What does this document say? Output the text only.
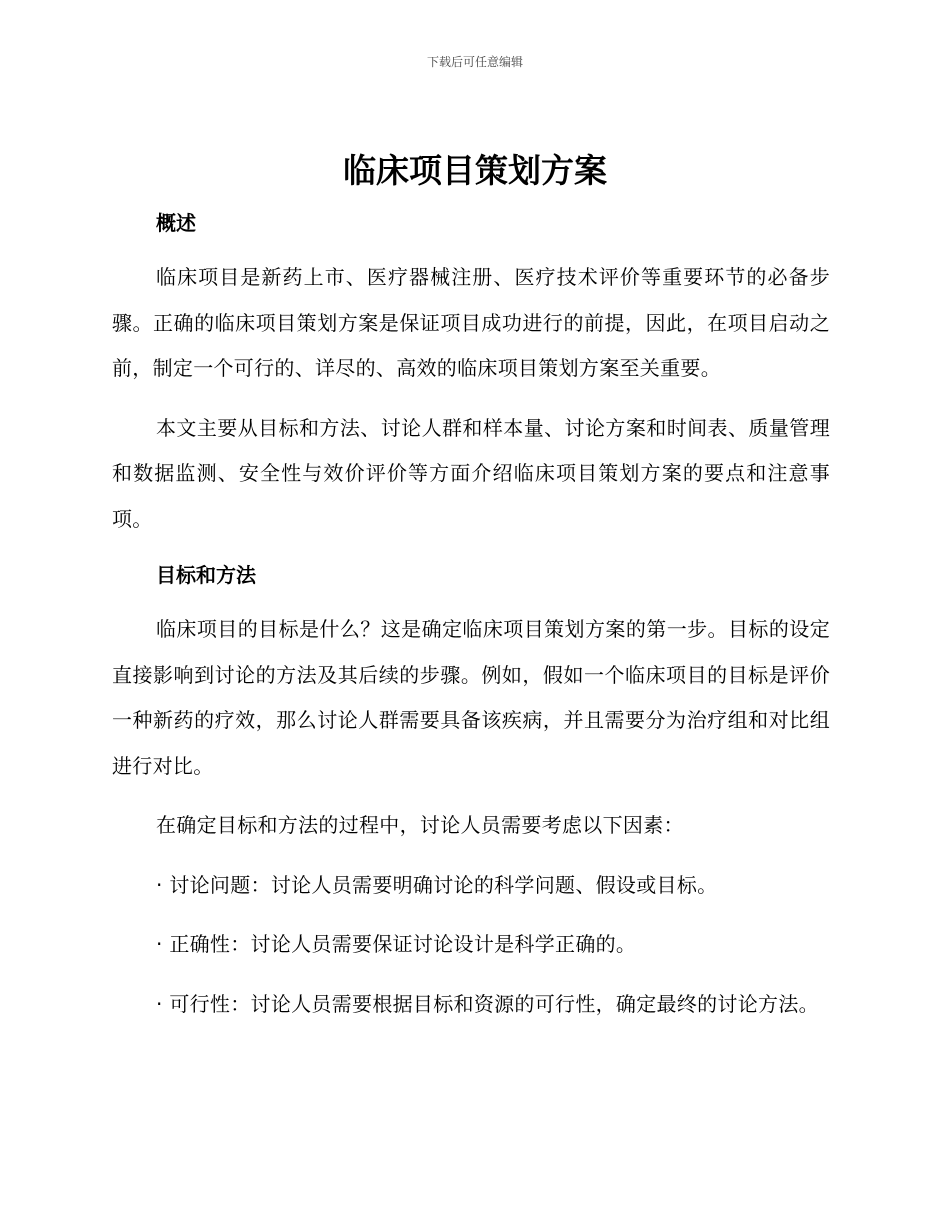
下载后可任意编辑
临床项目策划方案
概述

临床项目是新药上市、医疗器械注册、医疗技术评价等重要环节的必备步骤。正确的临床项目策划方案是保证项目成功进行的前提，因此，在项目启动之前，制定一个可行的、详尽的、高效的临床项目策划方案至关重要。

本文主要从目标和方法、讨论人群和样本量、讨论方案和时间表、质量管理和数据监测、安全性与效价评价等方面介绍临床项目策划方案的要点和注意事项。

目标和方法

临床项目的目标是什么？这是确定临床项目策划方案的第一步。目标的设定直接影响到讨论的方法及其后续的步骤。例如，假如一个临床项目的目标是评价一种新药的疗效，那么讨论人群需要具备该疾病，并且需要分为治疗组和对比组进行对比。

在确定目标和方法的过程中，讨论人员需要考虑以下因素：

· 讨论问题：讨论人员需要明确讨论的科学问题、假设或目标。

· 正确性：讨论人员需要保证讨论设计是科学正确的。

· 可行性：讨论人员需要根据目标和资源的可行性，确定最终的讨论方法。
